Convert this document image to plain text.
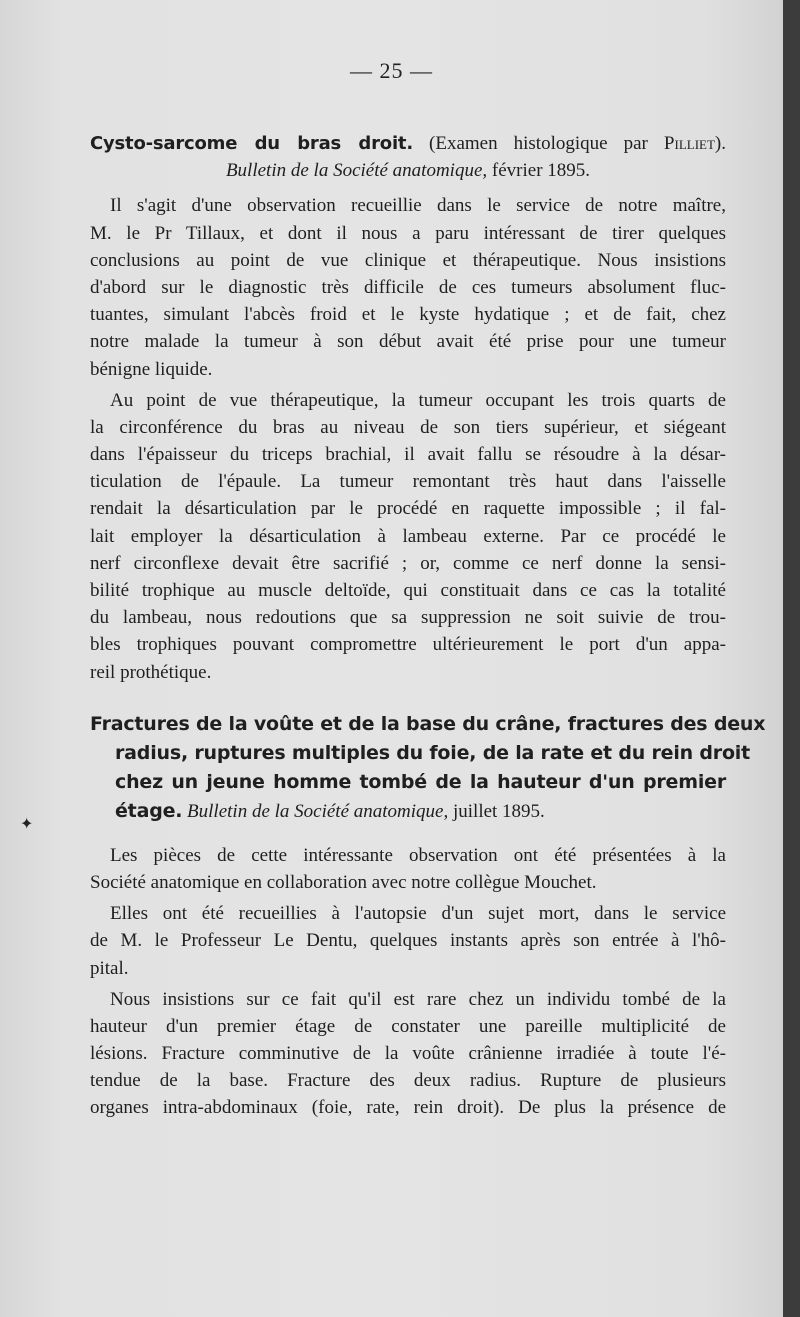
— 25 —
✦
Cysto-sarcome du bras droit. (Examen histologique par Pilliet).
Bulletin de la Société anatomique, février 1895.
Il s'agit d'une observation recueillie dans le service de notre maître,
M. le Pr Tillaux, et dont il nous a paru intéressant de tirer quelques
conclusions au point de vue clinique et thérapeutique. Nous insistions
d'abord sur le diagnostic très difficile de ces tumeurs absolument fluc-
tuantes, simulant l'abcès froid et le kyste hydatique ; et de fait, chez
notre malade la tumeur à son début avait été prise pour une tumeur
bénigne liquide.
Au point de vue thérapeutique, la tumeur occupant les trois quarts de
la circonférence du bras au niveau de son tiers supérieur, et siégeant
dans l'épaisseur du triceps brachial, il avait fallu se résoudre à la désar-
ticulation de l'épaule. La tumeur remontant très haut dans l'aisselle
rendait la désarticulation par le procédé en raquette impossible ; il fal-
lait employer la désarticulation à lambeau externe. Par ce procédé le
nerf circonflexe devait être sacrifié ; or, comme ce nerf donne la sensi-
bilité trophique au muscle deltoïde, qui constituait dans ce cas la totalité
du lambeau, nous redoutions que sa suppression ne soit suivie de trou-
bles trophiques pouvant compromettre ultérieurement le port d'un appa-
reil prothétique.
Fractures de la voûte et de la base du crâne, fractures des deux
radius, ruptures multiples du foie, de la rate et du rein droit
chez un jeune homme tombé de la hauteur d'un premier
étage. Bulletin de la Société anatomique, juillet 1895.
Les pièces de cette intéressante observation ont été présentées à la
Société anatomique en collaboration avec notre collègue Mouchet.
Elles ont été recueillies à l'autopsie d'un sujet mort, dans le service
de M. le Professeur Le Dentu, quelques instants après son entrée à l'hô-
pital.
Nous insistions sur ce fait qu'il est rare chez un individu tombé de la
hauteur d'un premier étage de constater une pareille multiplicité de
lésions. Fracture comminutive de la voûte crânienne irradiée à toute l'é-
tendue de la base. Fracture des deux radius. Rupture de plusieurs
organes intra-abdominaux (foie, rate, rein droit). De plus la présence de
